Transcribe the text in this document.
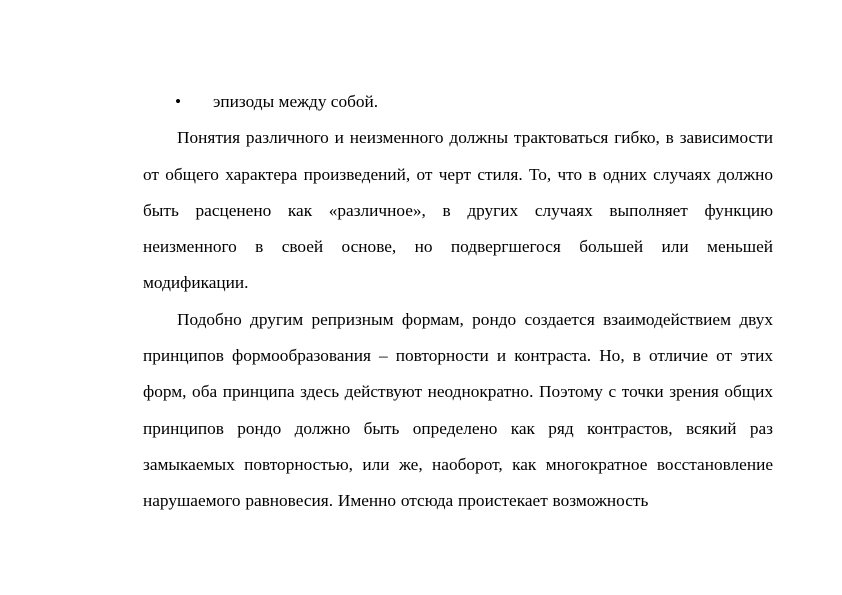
• эпизоды между собой.

Понятия различного и неизменного должны трактоваться гибко, в зависимости от общего характера произведений, от черт стиля. То, что в одних случаях должно быть расценено как «различное», в других случаях выполняет функцию неизменного в своей основе, но подвергшегося большей или меньшей модификации.

Подобно другим репризным формам, рондо создается взаимодействием двух принципов формообразования – повторности и контраста. Но, в отличие от этих форм, оба принципа здесь действуют неоднократно. Поэтому с точки зрения общих принципов рондо должно быть определено как ряд контрастов, всякий раз замыкаемых повторностью, или же, наоборот, как многократное восстановление нарушаемого равновесия. Именно отсюда проистекает возможность
